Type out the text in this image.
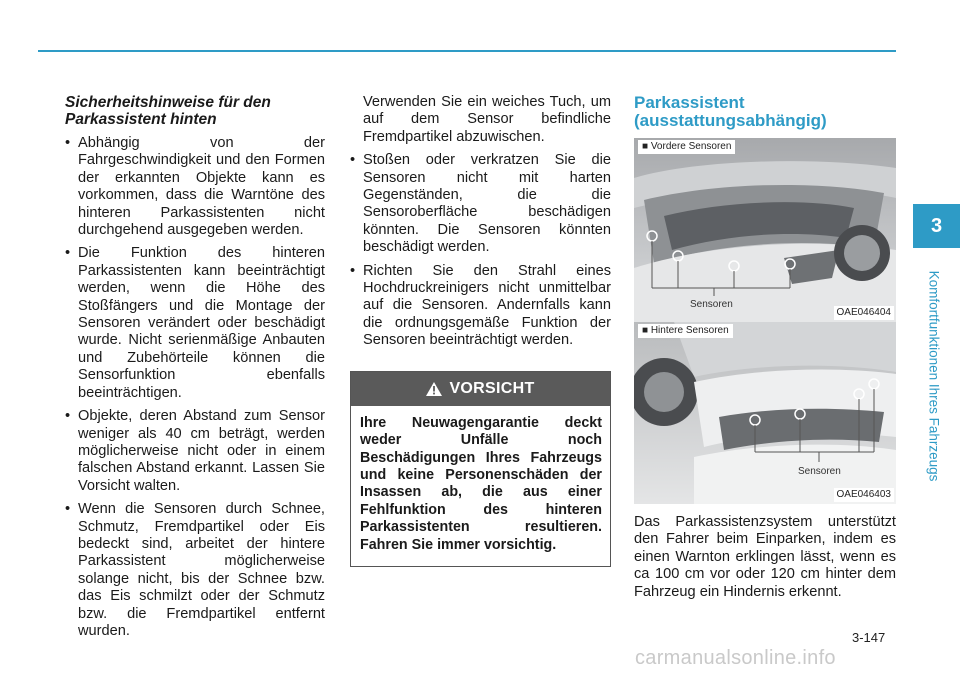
Sicherheitshinweise für den
Parkassistent hinten
• Abhängig von der Fahrgeschwindigkeit und den Formen der erkannten Objekte kann es vorkommen, dass die Warntöne des hinteren Parkassistenten nicht durchgehend ausgegeben werden.
• Die Funktion des hinteren Parkassistenten kann beeinträchtigt werden, wenn die Höhe des Stoßfängers und die Montage der Sensoren verändert oder beschädigt wurde. Nicht serienmäßige Anbauten und Zubehörteile können die Sensorfunktion ebenfalls beeinträchtigen.
• Objekte, deren Abstand zum Sensor weniger als 40 cm beträgt, werden möglicherweise nicht oder in einem falschen Abstand erkannt. Lassen Sie Vorsicht walten.
• Wenn die Sensoren durch Schnee, Schmutz, Fremdpartikel oder Eis bedeckt sind, arbeitet der hintere Parkassistent möglicherweise solange nicht, bis der Schnee bzw. das Eis schmilzt oder der Schmutz bzw. die Fremdpartikel entfernt wurden.
Verwenden Sie ein weiches Tuch, um auf dem Sensor befindliche Fremdpartikel abzuwischen.
• Stoßen oder verkratzen Sie die Sensoren nicht mit harten Gegenständen, die die Sensoroberfläche beschädigen könnten. Die Sensoren könnten beschädigt werden.
• Richten Sie den Strahl eines Hochdruckreinigers nicht unmittelbar auf die Sensoren. Andernfalls kann die ordnungsgemäße Funktion der Sensoren beeinträchtigt werden.
VORSICHT
Ihre Neuwagengarantie deckt weder Unfälle noch Beschädigungen Ihres Fahrzeugs und keine Personenschäden der Insassen ab, die aus einer Fehlfunktion des hinteren Parkassistenten resultieren. Fahren Sie immer vorsichtig.
Parkassistent
(ausstattungsabhängig)
■ Vordere Sensoren
Sensoren
OAE046404
■ Hintere Sensoren
Sensoren
OAE046403
Das Parkassistenzsystem unterstützt den Fahrer beim Einparken, indem es einen Warnton erklingen lässt, wenn es ca 100 cm vor oder 120 cm hinter dem Fahrzeug ein Hindernis erkennt.
3
Komfortfunktionen Ihres Fahrzeugs
3-147
carmanualsonline.info
